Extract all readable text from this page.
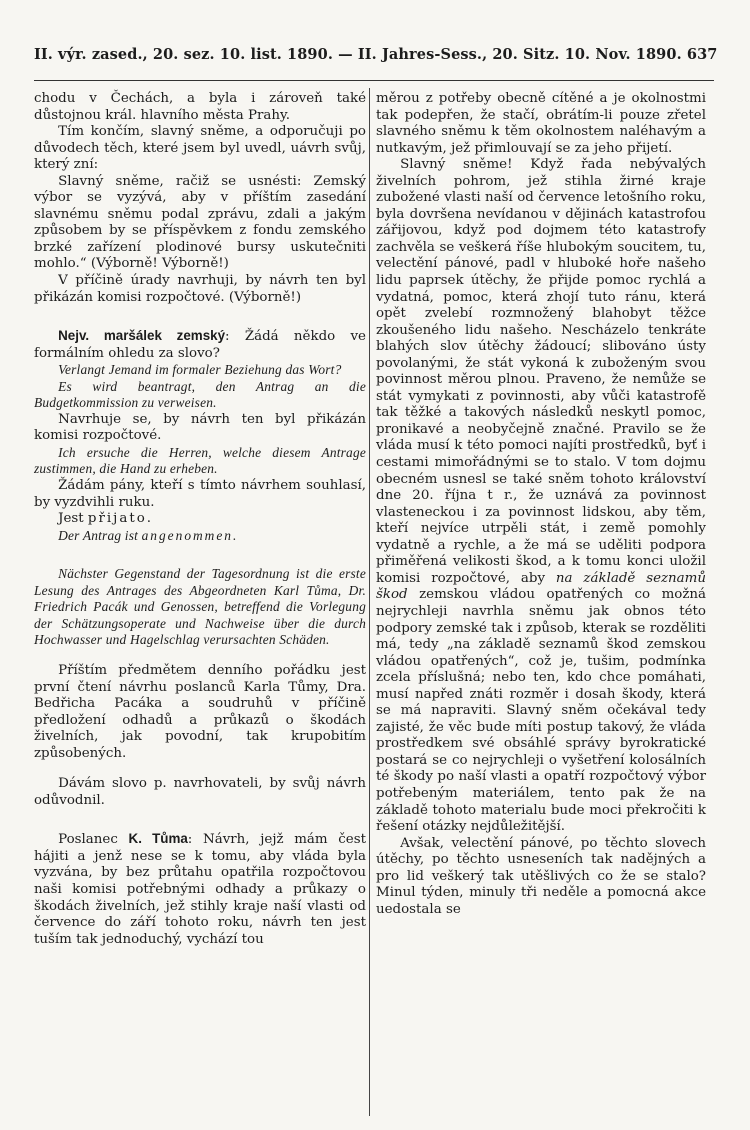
II. výr. zased., 20. sez. 10. list. 1890. — II. Jahres-Sess., 20. Sitz. 10. Nov. 1890. 637

chodu v Čechách, a byla i zároveň také důstojnou král. hlavního města Prahy.

Tím končím, slavný sněme, a odporučuji po důvodech těch, které jsem byl uvedl, uávrh svůj, který zní:

Slavný sněme, račiž se usnésti: Zemský výbor se vyzývá, aby v příštím zasedání slavnému sněmu podal zprávu, zdali a jakým způsobem by se příspěvkem z fondu zemského brzké zařízení plodinové bursy uskutečniti mohlo.“ (Výborně! Výborně!)

V příčině úrady navrhuji, by návrh ten byl přikázán komisi rozpočtové. (Výborně!)

Nejv. maršálek zemský: Žádá někdo ve formálním ohledu za slovo?

Verlangt Jemand im formaler Beziehung das Wort?

Es wird beantragt, den Antrag an die Budgetkommission zu verweisen.

Navrhuje se, by návrh ten byl přikázán komisi rozpočtové.

Ich ersuche die Herren, welche diesem Antrage zustimmen, die Hand zu erheben.

Žádám pány, kteří s tímto návrhem souhlasí, by vyzdvihli ruku.

Jest přijato.

Der Antrag ist angenommen.

Nächster Gegenstand der Tagesordnung ist die erste Lesung des Antrages des Abgeordneten Karl Tůma, Dr. Friedrich Pacák und Genossen, betreffend die Vorlegung der Schätzungsoperate und Nachweise über die durch Hochwasser und Hagelschlag verursachten Schäden.

Příštím předmětem denního pořádku jest první čtení návrhu poslanců Karla Tůmy, Dra. Bedřicha Pacáka a soudruhů v příčině předložení odhadů a průkazů o škodách živelních, jak povodní, tak krupobitím způsobených.

Dávám slovo p. navrhovateli, by svůj návrh odůvodnil.

Poslanec K. Tůma: Návrh, jejž mám čest hájiti a jenž nese se k tomu, aby vláda byla vyzvána, by bez průtahu opatřila rozpočtovou naši komisi potřebnými odhady a průkazy o škodách živelních, jež stihly kraje naší vlasti od července do září tohoto roku, návrh ten jest tuším tak jednoduchý, vychází tou

měrou z potřeby obecně cítěné a je okolnostmi tak podepřen, že stačí, obrátím-li pouze zřetel slavného sněmu k těm okolnostem naléhavým a nutkavým, jež přimlouvají se za jeho přijetí.

Slavný sněme! Když řada nebývalých živelních pohrom, jež stihla žirné kraje zubožené vlasti naší od července letošního roku, byla dovršena nevídanou v dějinách katastrofou zářijovou, když pod dojmem této katastrofy zachvěla se veškerá říše hlubokým soucitem, tu, velectění pánové, padl v hluboké hoře našeho lidu paprsek útěchy, že přijde pomoc rychlá a vydatná, pomoc, která zhojí tuto ránu, která opět zvelebí rozmnožený blahobyt těžce zkoušeného lidu našeho. Nescházelo tenkráte blahých slov útěchy žádoucí; slibováno ústy povolanými, že stát vykoná k zuboženým svou povinnost měrou plnou. Praveno, že nemůže se stát vymykati z povinnosti, aby vůči katastrofě tak těžké a takových následků neskytl pomoc, pronikavé a neobyčejně značné. Pravilo se že vláda musí k této pomoci najíti prostředků, byť i cestami mimořádnými se to stalo. V tom dojmu obecném usnesl se také sněm tohoto království dne 20. října t r., že uznává za povinnost vlasteneckou i za povinnost lidskou, aby těm, kteří nejvíce utrpěli stát, i země pomohly vydatně a rychle, a že má se uděliti podpora přiměřená velikosti škod, a k tomu konci uložil komisi rozpočtové, aby na základě seznamů škod zemskou vládou opatřených co možná nejrychleji navrhla sněmu jak obnos této podpory zemské tak i způsob, kterak se rozděliti má, tedy „na základě seznamů škod zemskou vládou opatřených“, což je, tušim, podmínka zcela příslušná; nebo ten, kdo chce pomáhati, musí napřed znáti rozměr i dosah škody, která se má napraviti. Slavný sněm očekával tedy zajisté, že věc bude míti postup takový, že vláda prostředkem své obsáhlé správy byrokratické postará se co nejrychleji o vyšetření kolosálních té škody po naší vlasti a opatří rozpočtový výbor potřebeným materiálem, tento pak že na základě tohoto materialu bude moci překročiti k řešení otázky nejdůležitější.

Avšak, velectění pánové, po těchto slovech útěchy, po těchto usneseních tak nadějných a pro lid veškerý tak utěšlivých co že se stalo? Minul týden, minuly tři neděle a pomocná akce uedostala se
